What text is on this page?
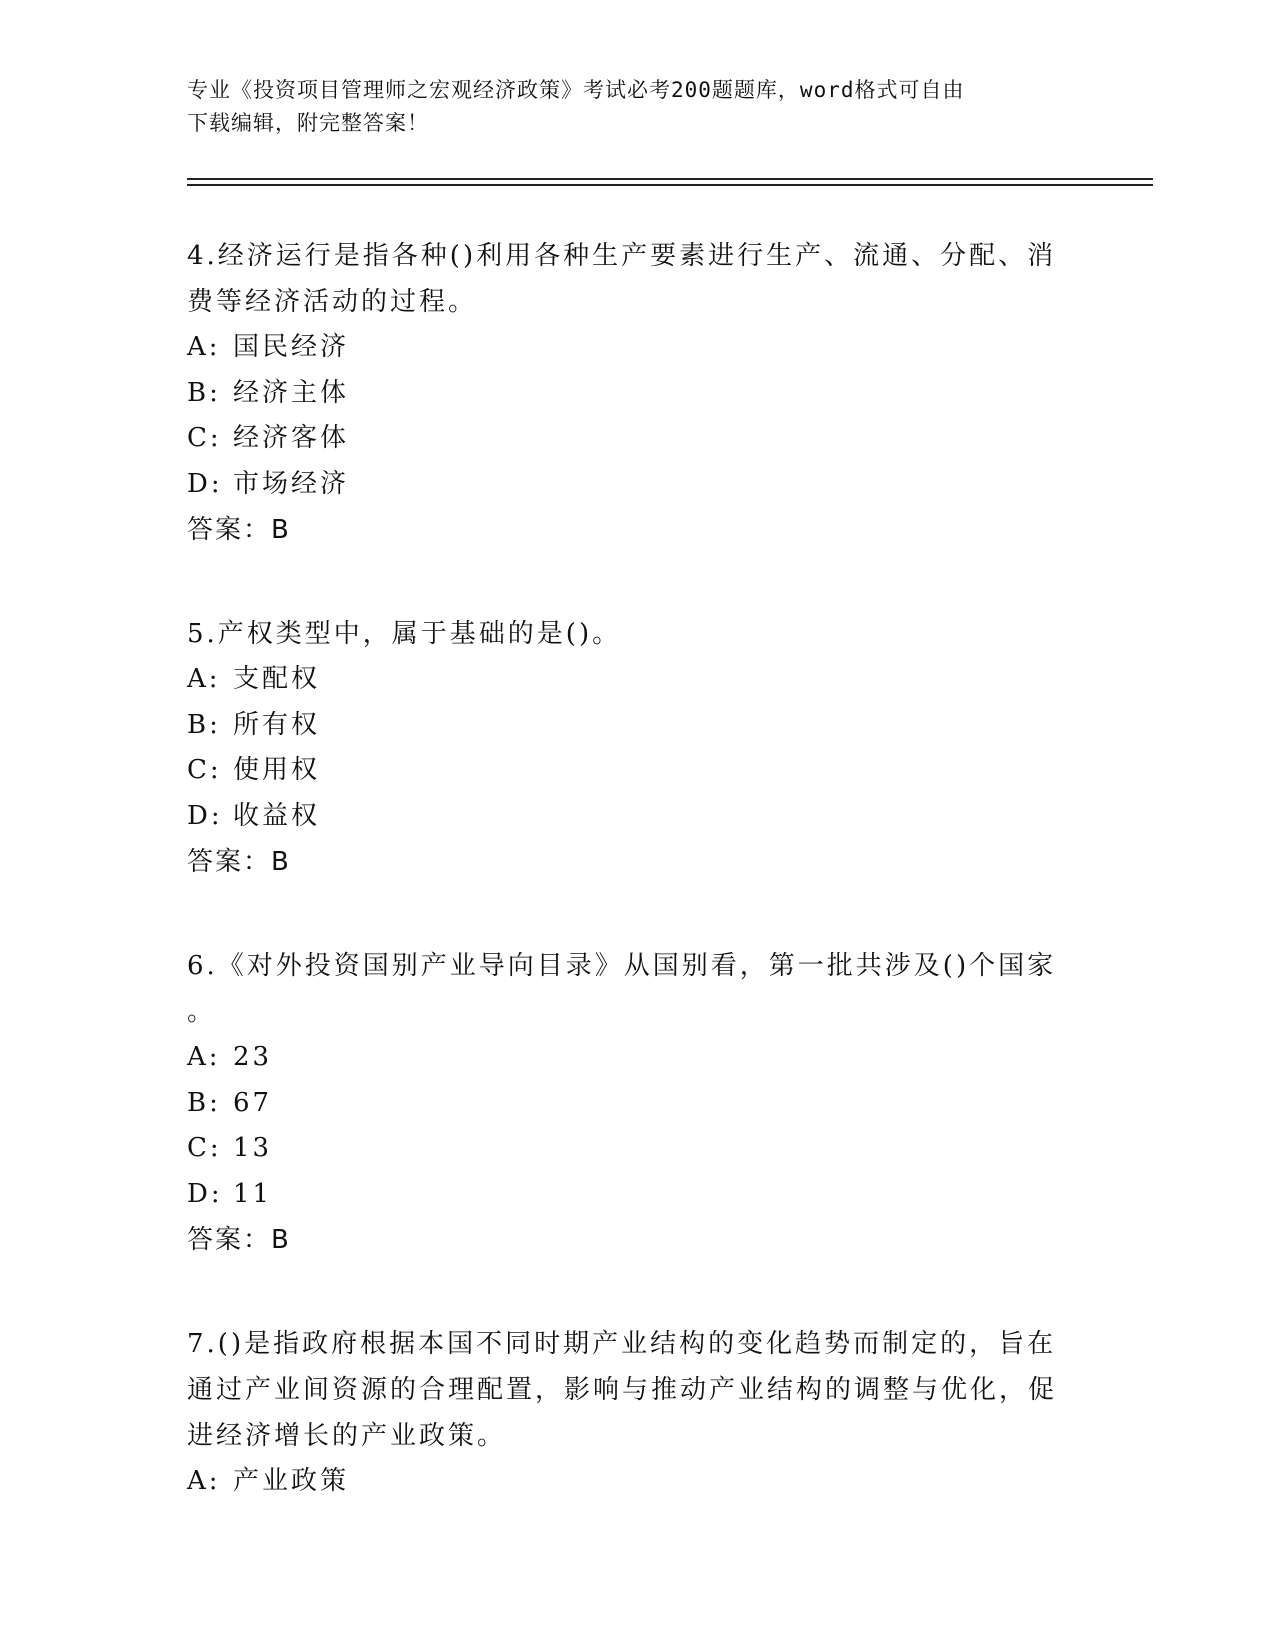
专业《投资项目管理师之宏观经济政策》考试必考200题题库，word格式可自由
下载编辑，附完整答案！
4.经济运行是指各种()利用各种生产要素进行生产、流通、分配、消
费等经济活动的过程。
A: 国民经济
B: 经济主体
C: 经济客体
D: 市场经济
答案：B
5.产权类型中，属于基础的是()。
A: 支配权
B: 所有权
C: 使用权
D: 收益权
答案：B
6.《对外投资国别产业导向目录》从国别看，第一批共涉及()个国家
。
A: 23
B: 67
C: 13
D: 11
答案：B
7.()是指政府根据本国不同时期产业结构的变化趋势而制定的，旨在
通过产业间资源的合理配置，影响与推动产业结构的调整与优化，促
进经济增长的产业政策。
A: 产业政策
